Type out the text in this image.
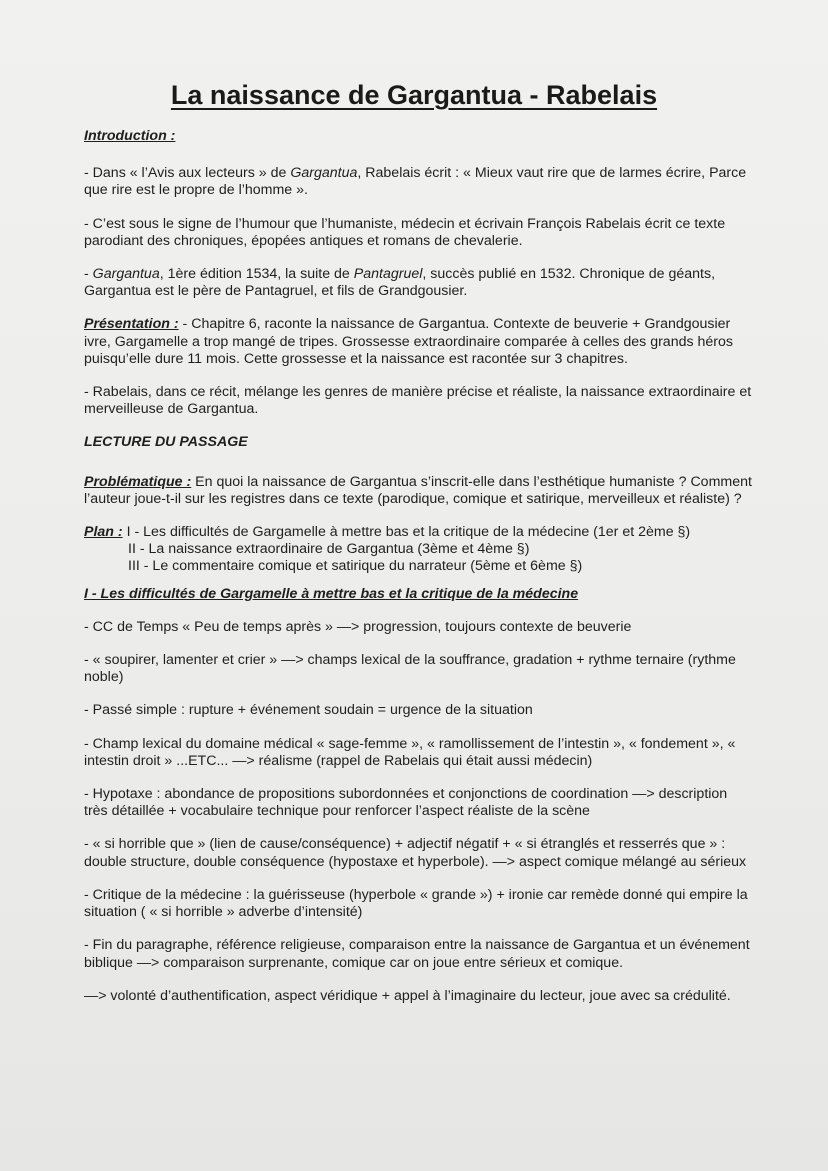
La naissance de Gargantua - Rabelais

Introduction :

- Dans « l’Avis aux lecteurs » de Gargantua, Rabelais écrit : « Mieux vaut rire que de larmes écrire, Parce que rire est le propre de l’homme ».

- C’est sous le signe de l’humour que l’humaniste, médecin et écrivain François Rabelais écrit ce texte parodiant des chroniques, épopées antiques et romans de chevalerie.

- Gargantua, 1ère édition 1534, la suite de Pantagruel, succès publié en 1532. Chronique de géants, Gargantua est le père de Pantagruel, et fils de Grandgousier.

Présentation : - Chapitre 6, raconte la naissance de Gargantua. Contexte de beuverie + Grandgousier ivre, Gargamelle a trop mangé de tripes. Grossesse extraordinaire comparée à celles des grands héros puisqu’elle dure 11 mois. Cette grossesse et la naissance est racontée sur 3 chapitres.

- Rabelais, dans ce récit, mélange les genres de manière précise et réaliste, la naissance extraordinaire et merveilleuse de Gargantua.

LECTURE DU PASSAGE

Problématique : En quoi la naissance de Gargantua s’inscrit-elle dans l’esthétique humaniste ? Comment l’auteur joue-t-il sur les registres dans ce texte (parodique, comique et satirique, merveilleux et réaliste) ?

Plan : I - Les difficultés de Gargamelle à mettre bas et la critique de la médecine (1er et 2ème §)
II - La naissance extraordinaire de Gargantua (3ème et 4ème §)
III - Le commentaire comique et satirique du narrateur (5ème et 6ème §)

I - Les difficultés de Gargamelle à mettre bas et la critique de la médecine

- CC de Temps « Peu de temps après » —> progression, toujours contexte de beuverie

- « soupirer, lamenter et crier » —> champs lexical de la souffrance, gradation + rythme ternaire (rythme noble)

- Passé simple : rupture + événement soudain = urgence de la situation

- Champ lexical du domaine médical « sage-femme », « ramollissement de l’intestin », « fondement », « intestin droit » ...ETC... —> réalisme (rappel de Rabelais qui était aussi médecin)

- Hypotaxe : abondance de propositions subordonnées et conjonctions de coordination —> description très détaillée + vocabulaire technique pour renforcer l’aspect réaliste de la scène

- « si horrible que » (lien de cause/conséquence) + adjectif négatif + « si étranglés et resserrés que » : double structure, double conséquence (hypostaxe et hyperbole). —> aspect comique mélangé au sérieux

- Critique de la médecine : la guérisseuse (hyperbole « grande ») + ironie car remède donné qui empire la situation ( « si horrible » adverbe d’intensité)

- Fin du paragraphe, référence religieuse, comparaison entre la naissance de Gargantua et un événement biblique —> comparaison surprenante, comique car on joue entre sérieux et comique.

—> volonté d’authentification, aspect véridique + appel à l’imaginaire du lecteur, joue avec sa crédulité.
